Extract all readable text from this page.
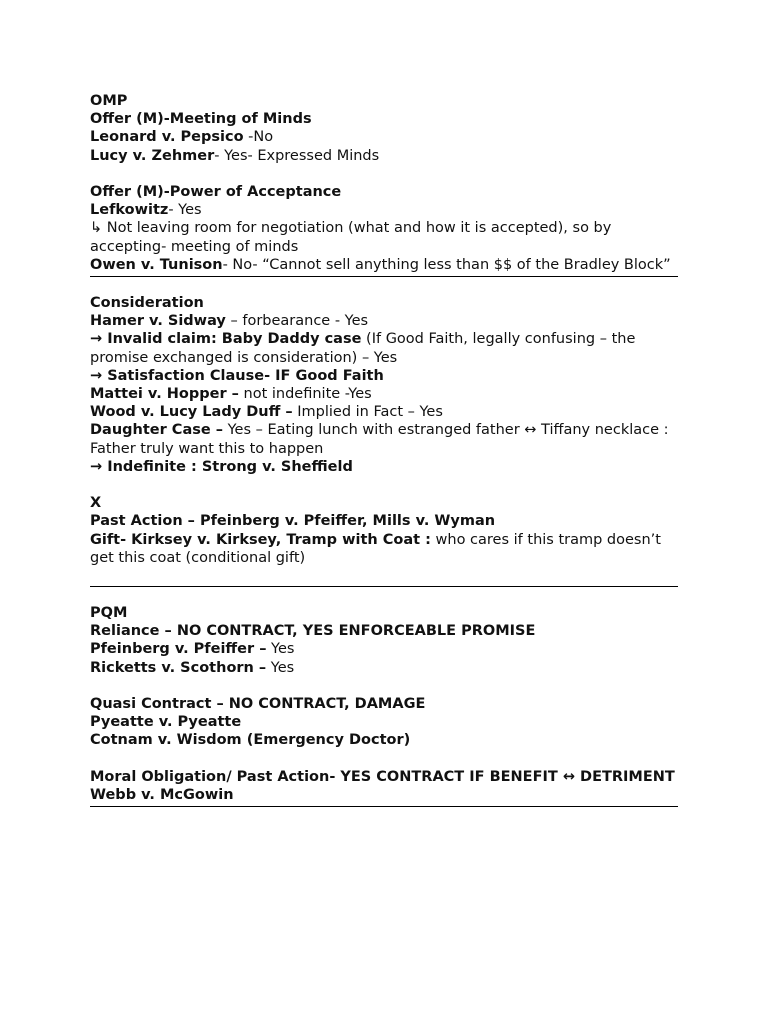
OMP
Offer (M)-Meeting of Minds
Leonard v. Pepsico -No
Lucy v. Zehmer- Yes- Expressed Minds
Offer (M)-Power of Acceptance
Lefkowitz- Yes
↳ Not leaving room for negotiation (what and how it is accepted), so by accepting- meeting of minds
Owen v. Tunison- No- “Cannot sell anything less than $$ of the Bradley Block”
Consideration
Hamer v. Sidway – forbearance - Yes
→ Invalid claim: Baby Daddy case (If Good Faith, legally confusing – the promise exchanged is consideration) – Yes
→ Satisfaction Clause- IF Good Faith
Mattei v. Hopper – not indefinite -Yes
Wood v. Lucy Lady Duff – Implied in Fact – Yes
Daughter Case – Yes – Eating lunch with estranged father ↔ Tiffany necklace : Father truly want this to happen
→ Indefinite : Strong v. Sheffield
X
Past Action – Pfeinberg v. Pfeiffer, Mills v. Wyman
Gift- Kirksey v. Kirksey, Tramp with Coat : who cares if this tramp doesn’t get this coat (conditional gift)
PQM
Reliance – NO CONTRACT, YES ENFORCEABLE PROMISE
Pfeinberg v. Pfeiffer – Yes
Ricketts v. Scothorn – Yes
Quasi Contract – NO CONTRACT, DAMAGE
Pyeatte v. Pyeatte
Cotnam v. Wisdom (Emergency Doctor)
Moral Obligation/ Past Action- YES CONTRACT IF BENEFIT ↔ DETRIMENT
Webb v. McGowin
